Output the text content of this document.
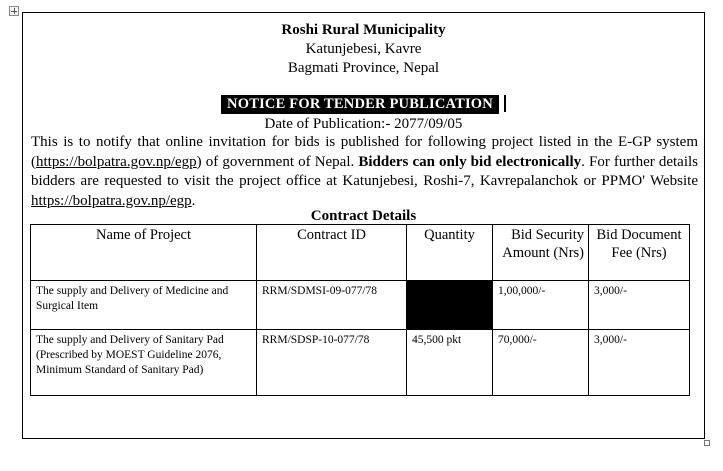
Roshi Rural Municipality
Katunjebesi, Kavre
Bagmati Province, Nepal
NOTICE FOR TENDER PUBLICATION
Date of Publication:- 2077/09/05
This is to notify that online invitation for bids is published for following project listed in the E-GP system (https://bolpatra.gov.np/egp) of government of Nepal. Bidders can only bid electronically. For further details bidders are requested to visit the project office at Katunjebesi, Roshi-7, Kavrepalanchok or PPMO' Website https://bolpatra.gov.np/egp.
Contract Details
Name of Project	Contract ID	Quantity	Bid Security Amount (Nrs)	Bid Document Fee (Nrs)
The supply and Delivery of Medicine and Surgical Item	RRM/SDMSI-09-077/78		1,00,000/-	3,000/-
The supply and Delivery of Sanitary Pad (Prescribed by MOEST Guideline 2076, Minimum Standard of Sanitary Pad)	RRM/SDSP-10-077/78	45,500 pkt	70,000/-	3,000/-
